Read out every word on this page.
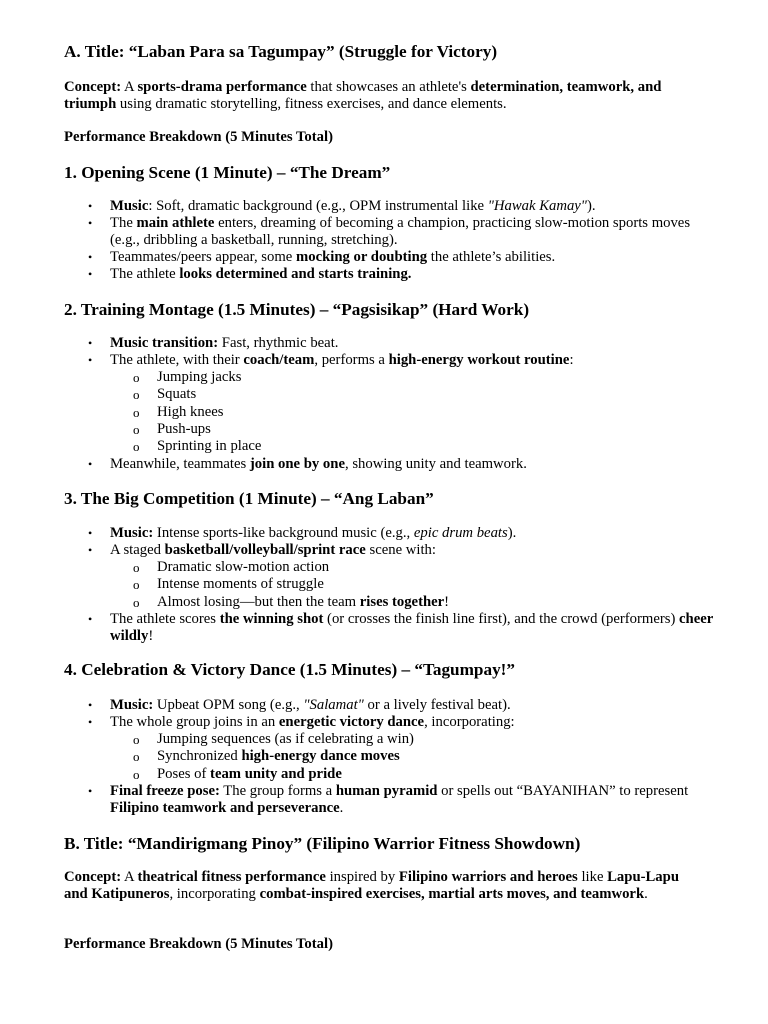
A. Title: “Laban Para sa Tagumpay” (Struggle for Victory)

Concept: A sports-drama performance that showcases an athlete's determination, teamwork, and triumph using dramatic storytelling, fitness exercises, and dance elements.

Performance Breakdown (5 Minutes Total)

1. Opening Scene (1 Minute) – “The Dream”
• Music: Soft, dramatic background (e.g., OPM instrumental like "Hawak Kamay").
• The main athlete enters, dreaming of becoming a champion, practicing slow-motion sports moves (e.g., dribbling a basketball, running, stretching).
• Teammates/peers appear, some mocking or doubting the athlete’s abilities.
• The athlete looks determined and starts training.
2. Training Montage (1.5 Minutes) – “Pagsisikap” (Hard Work)
• Music transition: Fast, rhythmic beat.
• The athlete, with their coach/team, performs a high-energy workout routine:
o Jumping jacks
o Squats
o High knees
o Push-ups
o Sprinting in place
• Meanwhile, teammates join one by one, showing unity and teamwork.
3. The Big Competition (1 Minute) – “Ang Laban”
• Music: Intense sports-like background music (e.g., epic drum beats).
• A staged basketball/volleyball/sprint race scene with:
o Dramatic slow-motion action
o Intense moments of struggle
o Almost losing—but then the team rises together!
• The athlete scores the winning shot (or crosses the finish line first), and the crowd (performers) cheer wildly!
4. Celebration & Victory Dance (1.5 Minutes) – “Tagumpay!”
• Music: Upbeat OPM song (e.g., "Salamat" or a lively festival beat).
• The whole group joins in an energetic victory dance, incorporating:
o Jumping sequences (as if celebrating a win)
o Synchronized high-energy dance moves
o Poses of team unity and pride
• Final freeze pose: The group forms a human pyramid or spells out “BAYANIHAN” to represent Filipino teamwork and perseverance.
B. Title: “Mandirigmang Pinoy” (Filipino Warrior Fitness Showdown)

Concept: A theatrical fitness performance inspired by Filipino warriors and heroes like Lapu-Lapu and Katipuneros, incorporating combat-inspired exercises, martial arts moves, and teamwork.

Performance Breakdown (5 Minutes Total)
